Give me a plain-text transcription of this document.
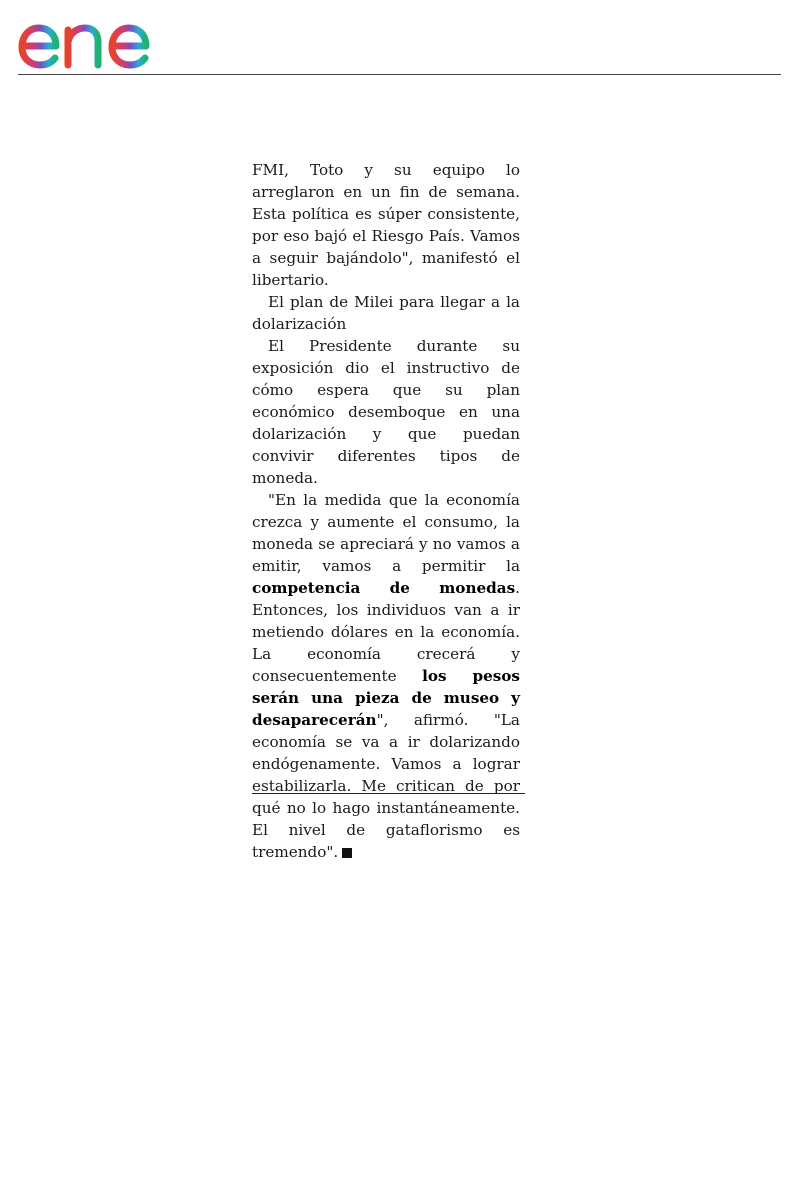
FMI, Toto y su equipo lo arreglaron en un fin de semana. Esta política es súper consistente, por eso bajó el Riesgo País. Vamos a seguir bajándolo", manifestó el libertario.

El plan de Milei para llegar a la dolarización

El Presidente durante su exposición dio el instructivo de cómo espera que su plan económico desemboque en una dolarización y que puedan convivir diferentes tipos de moneda.

"En la medida que la economía crezca y aumente el consumo, la moneda se apreciará y no vamos a emitir, vamos a permitir la competencia de monedas. Entonces, los individuos van a ir metiendo dólares en la economía. La economía crecerá y consecuentemente los pesos serán una pieza de museo y desaparecerán", afirmó. "La economía se va a ir dolarizando endógenamente. Vamos a lograr estabilizarla. Me critican de por qué no lo hago instantáneamente. El nivel de gataflorismo es tremendo".
